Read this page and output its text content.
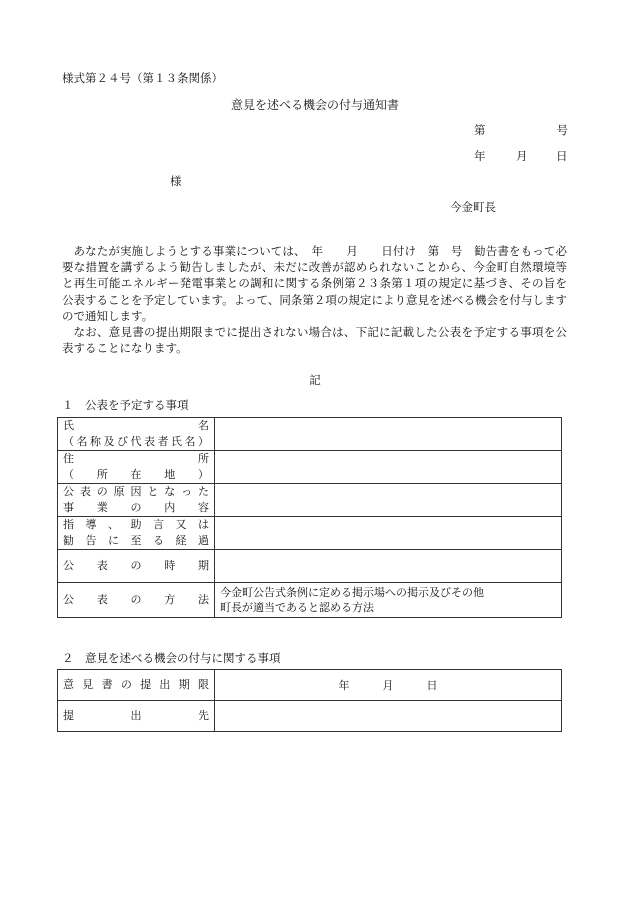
様式第２４号（第１３条関係）
意見を述べる機会の付与通知書
第	号
年	月 日
様
今金町長

あなたが実施しようとする事業については、　年　　月　　日付け　第　号　勧告書をもって必要な措置を講ずるよう勧告しましたが、未だに改善が認められないことから、今金町自然環境等と再生可能エネルギー発電事業との調和に関する条例第２３条第１項の規定に基づき、その旨を公表することを予定しています。よって、同条第２項の規定により意見を述べる機会を付与しますので通知します。

なお、意見書の提出期限までに提出されない場合は、下記に記載した公表を予定する事項を公表することになります。

記
１　公表を予定する事項
氏名
（名称及び代表者氏名）	

住所
（所在地）	

公表の原因となった
事業の内容	

指導、助言又は
勧告に至る経過	

公表の時期	

公表の方法	今金町公告式条例に定める掲示場への掲示及びその他
町長が適当であると認める方法
２　意見を述べる機会の付与に関する事項
意見書の提出期限	年　　　月　　　日

提出先	
